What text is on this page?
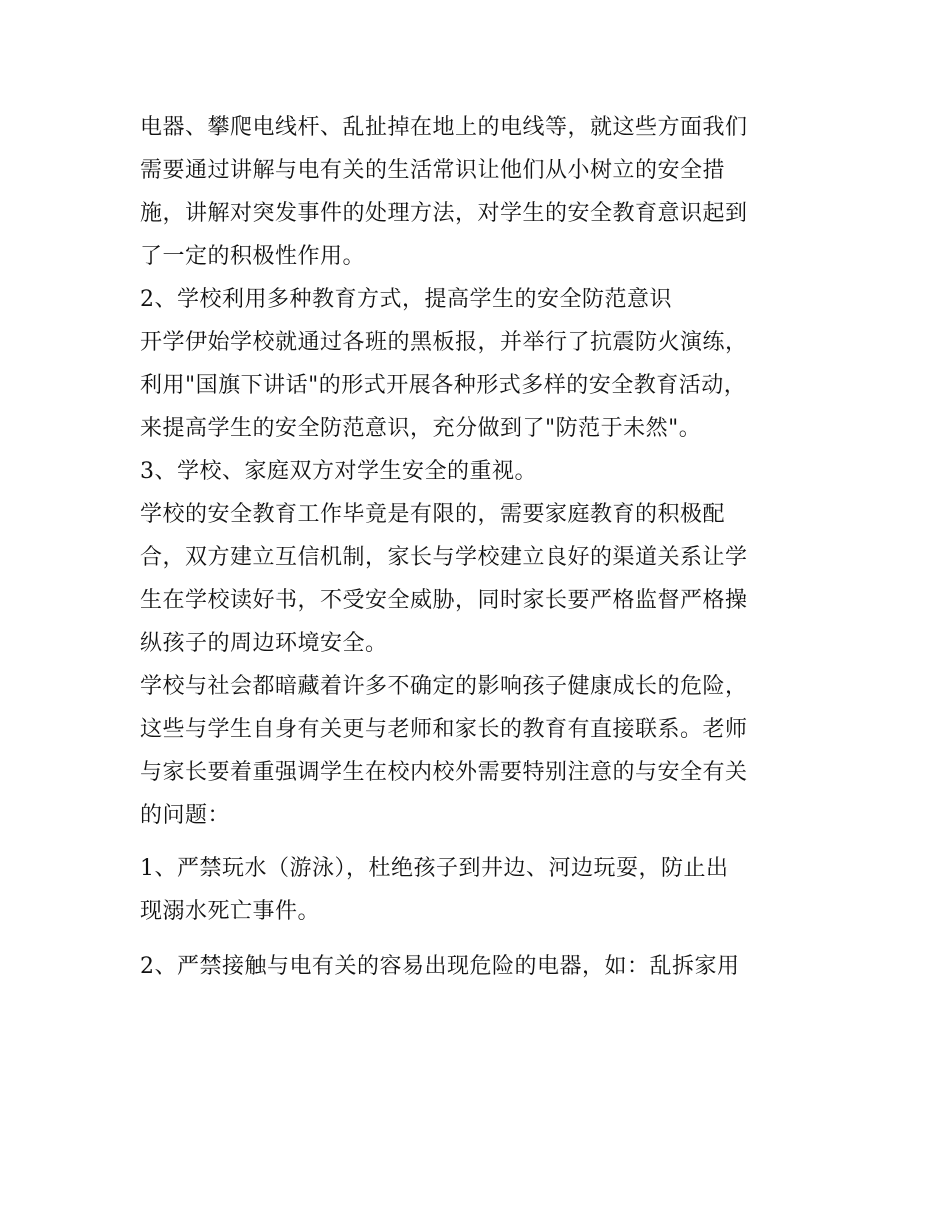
电器、攀爬电线杆、乱扯掉在地上的电线等，就这些方面我们
需要通过讲解与电有关的生活常识让他们从小树立的安全措
施，讲解对突发事件的处理方法，对学生的安全教育意识起到
了一定的积极性作用。
2、学校利用多种教育方式，提高学生的安全防范意识
开学伊始学校就通过各班的黑板报，并举行了抗震防火演练，
利用"国旗下讲话"的形式开展各种形式多样的安全教育活动，
来提高学生的安全防范意识，充分做到了"防范于未然"。
3、学校、家庭双方对学生安全的重视。
学校的安全教育工作毕竟是有限的，需要家庭教育的积极配
合，双方建立互信机制，家长与学校建立良好的渠道关系让学
生在学校读好书，不受安全威胁，同时家长要严格监督严格操
纵孩子的周边环境安全。
学校与社会都暗藏着许多不确定的影响孩子健康成长的危险，
这些与学生自身有关更与老师和家长的教育有直接联系。老师
与家长要着重强调学生在校内校外需要特别注意的与安全有关
的问题：
1、严禁玩水（游泳），杜绝孩子到井边、河边玩耍，防止出
现溺水死亡事件。
2、严禁接触与电有关的容易出现危险的电器，如：乱拆家用
